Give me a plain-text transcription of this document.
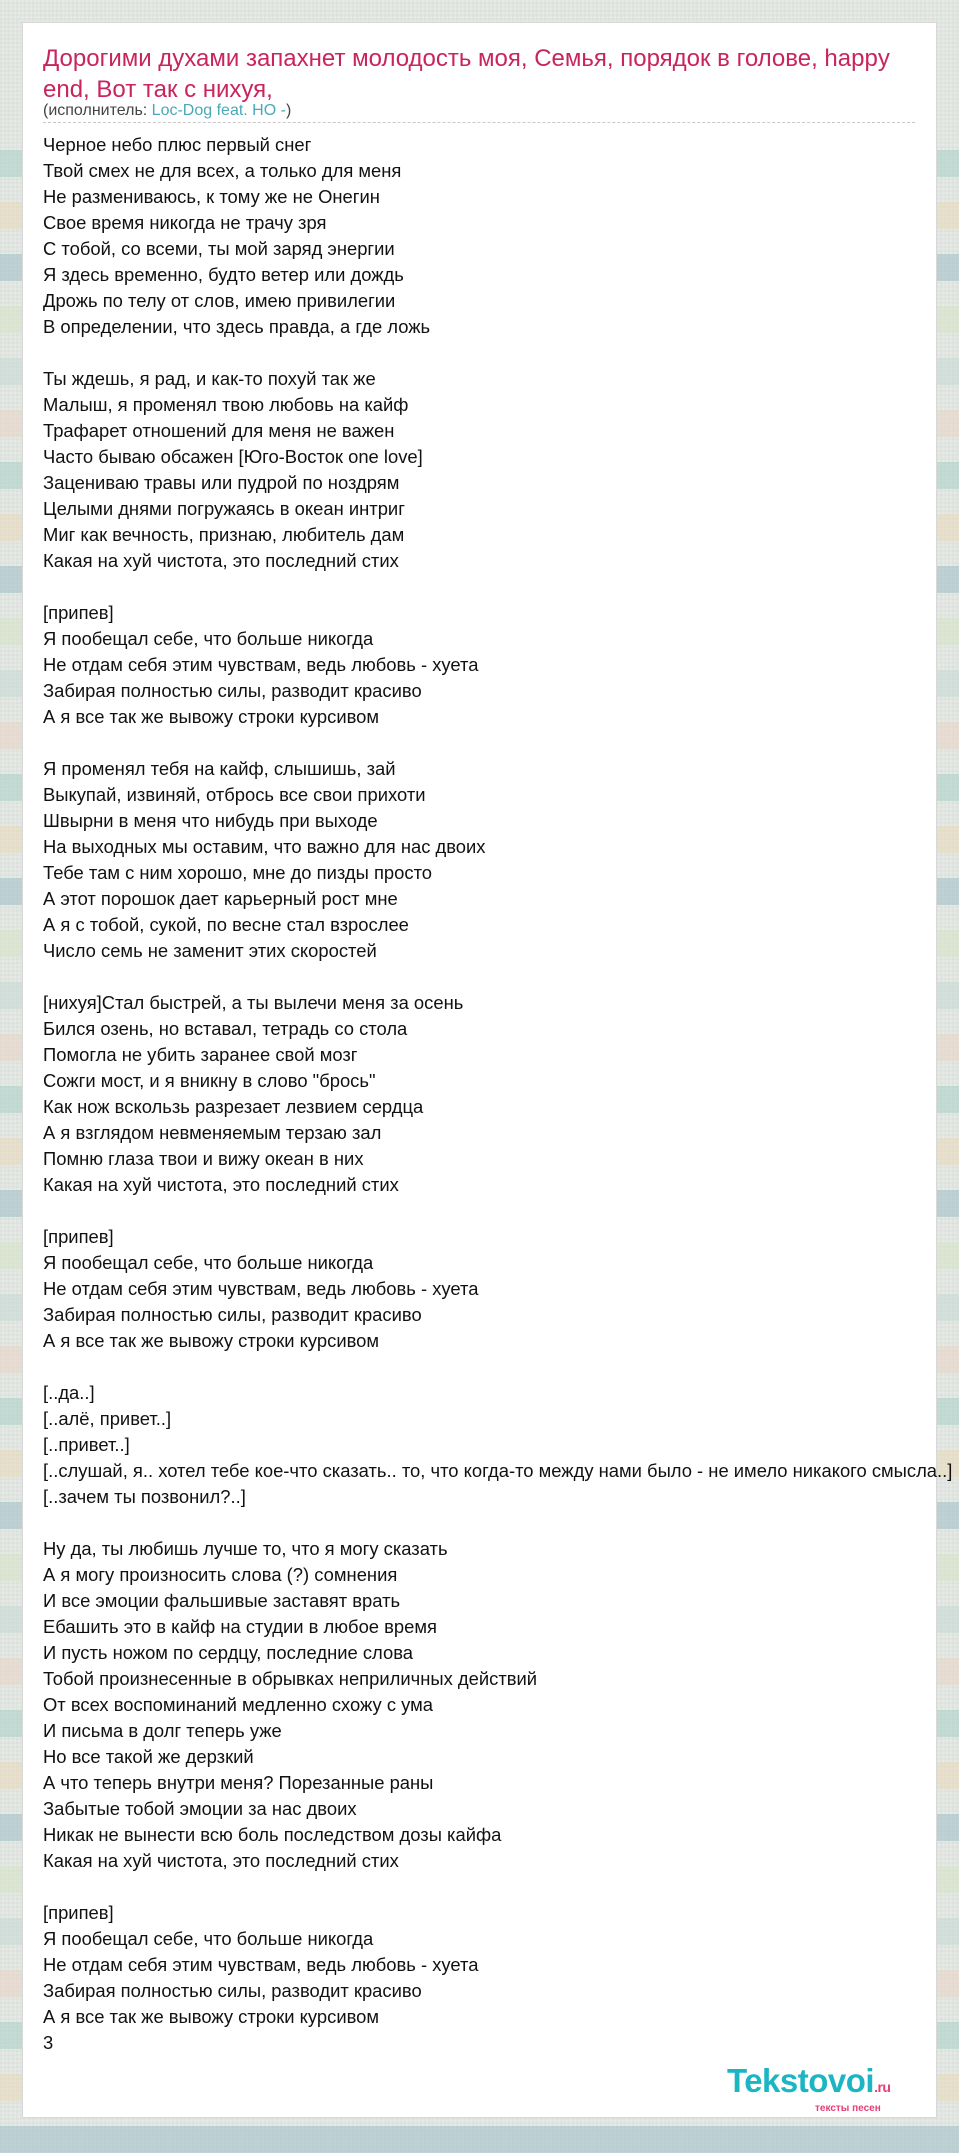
Дорогими духами запахнет молодость моя, Семья, порядок в голове, happy end, Вот так с нихуя,
(исполнитель: Loc-Dog feat. HO -)
Черное небо плюс первый снег
Твой смех не для всех, а только для меня
Не размениваюсь, к тому же не Онегин
Свое время никогда не трачу зря
С тобой, со всеми, ты мой заряд энергии
Я здесь временно, будто ветер или дождь
Дрожь по телу от слов, имею привилегии
В определении, что здесь правда, а где ложь
Ты ждешь, я рад, и как-то похуй так же
Малыш, я променял твою любовь на кайф
Трафарет отношений для меня не важен
Часто бываю обсажен [Юго-Восток one love]
Зацениваю травы или пудрой по ноздрям
Целыми днями погружаясь в океан интриг
Миг как вечность, признаю, любитель дам
Какая на хуй чистота, это последний стих
[припев]
Я пообещал себе, что больше никогда
Не отдам себя этим чувствам, ведь любовь - хуета
Забирая полностью силы, разводит красиво
А я все так же вывожу строки курсивом
Я променял тебя на кайф, слышишь, зай
Выкупай, извиняй, отбрось все свои прихоти
Швырни в меня что нибудь при выходе
На выходных мы оставим, что важно для нас двоих
Тебе там с ним хорошо, мне до пизды просто
А этот порошок дает карьерный рост мне
А я с тобой, сукой, по весне стал взрослее
Число семь не заменит этих скоростей
[нихуя]Стал быстрей, а ты вылечи меня за осень
Бился озень, но вставал, тетрадь со стола
Помогла не убить заранее свой мозг
Сожги мост, и я вникну в слово "брось"
Как нож вскользь разрезает лезвием сердца
А я взглядом невменяемым терзаю зал
Помню глаза твои и вижу океан в них
Какая на хуй чистота, это последний стих
[припев]
Я пообещал себе, что больше никогда
Не отдам себя этим чувствам, ведь любовь - хуета
Забирая полностью силы, разводит красиво
А я все так же вывожу строки курсивом
[..да..]
[..алё, привет..]
[..привет..]
[..слушай, я.. хотел тебе кое-что сказать.. то, что когда-то между нами было - не имело никакого смысла..]
[..зачем ты позвонил?..]
Ну да, ты любишь лучше то, что я могу сказать
А я могу произносить слова (?) сомнения
И все эмоции фальшивые заставят врать
Ебашить это в кайф на студии в любое время
И пусть ножом по сердцу, последние слова
Тобой произнесенные в обрывках неприличных действий
От всех воспоминаний медленно схожу с ума
И письма в долг теперь уже
Но все такой же дерзкий
А что теперь внутри меня? Порезанные раны
Забытые тобой эмоции за нас двоих
Никак не вынести всю боль последством дозы кайфа
Какая на хуй чистота, это последний стих
[припев]
Я пообещал себе, что больше никогда
Не отдам себя этим чувствам, ведь любовь - хуета
Забирая полностью силы, разводит красиво
А я все так же вывожу строки курсивом
3
Tekstovoi.ru
тексты песен
